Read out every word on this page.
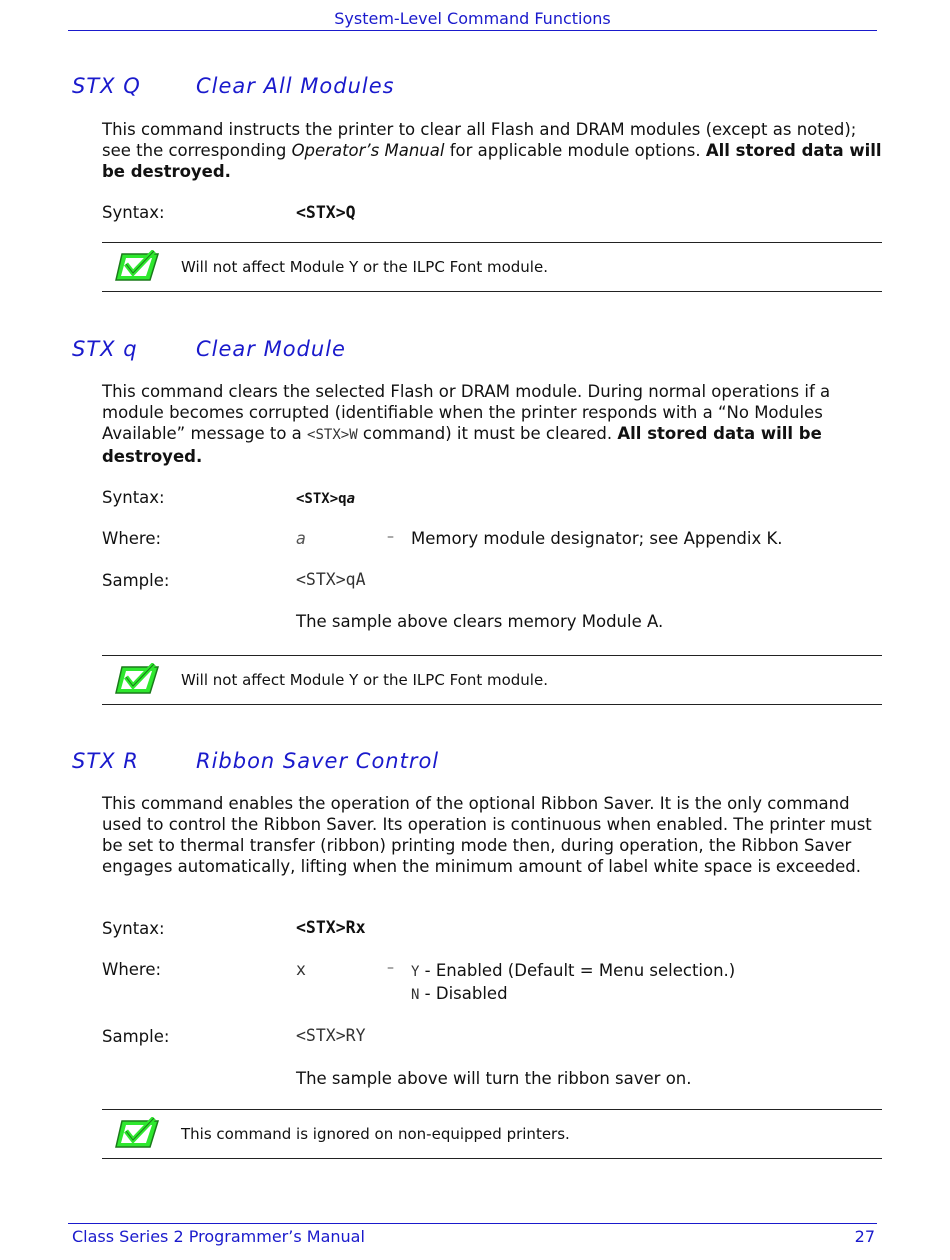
System-Level Command Functions
STX Q	Clear All Modules

This command instructs the printer to clear all Flash and DRAM modules (except as noted); see the corresponding Operator’s Manual for applicable module options. All stored data will be destroyed.

Syntax:	<STX>Q
Will not affect Module Y or the ILPC Font module.
STX q	Clear Module

This command clears the selected Flash or DRAM module. During normal operations if a module becomes corrupted (identifiable when the printer responds with a “No Modules Available” message to a <STX>W command) it must be cleared. All stored data will be destroyed.

Syntax:	<STX>qa
Where:	a	– Memory module designator; see Appendix K.
Sample:	<STX>qA
The sample above clears memory Module A.
Will not affect Module Y or the ILPC Font module.
STX R	Ribbon Saver Control

This command enables the operation of the optional Ribbon Saver. It is the only command used to control the Ribbon Saver. Its operation is continuous when enabled. The printer must be set to thermal transfer (ribbon) printing mode then, during operation, the Ribbon Saver engages automatically, lifting when the minimum amount of label white space is exceeded.

Syntax:	<STX>Rx
Where:	x	– Y - Enabled (Default = Menu selection.)
N - Disabled
Sample:	<STX>RY
The sample above will turn the ribbon saver on.
This command is ignored on non-equipped printers.
Class Series 2 Programmer’s Manual	27
